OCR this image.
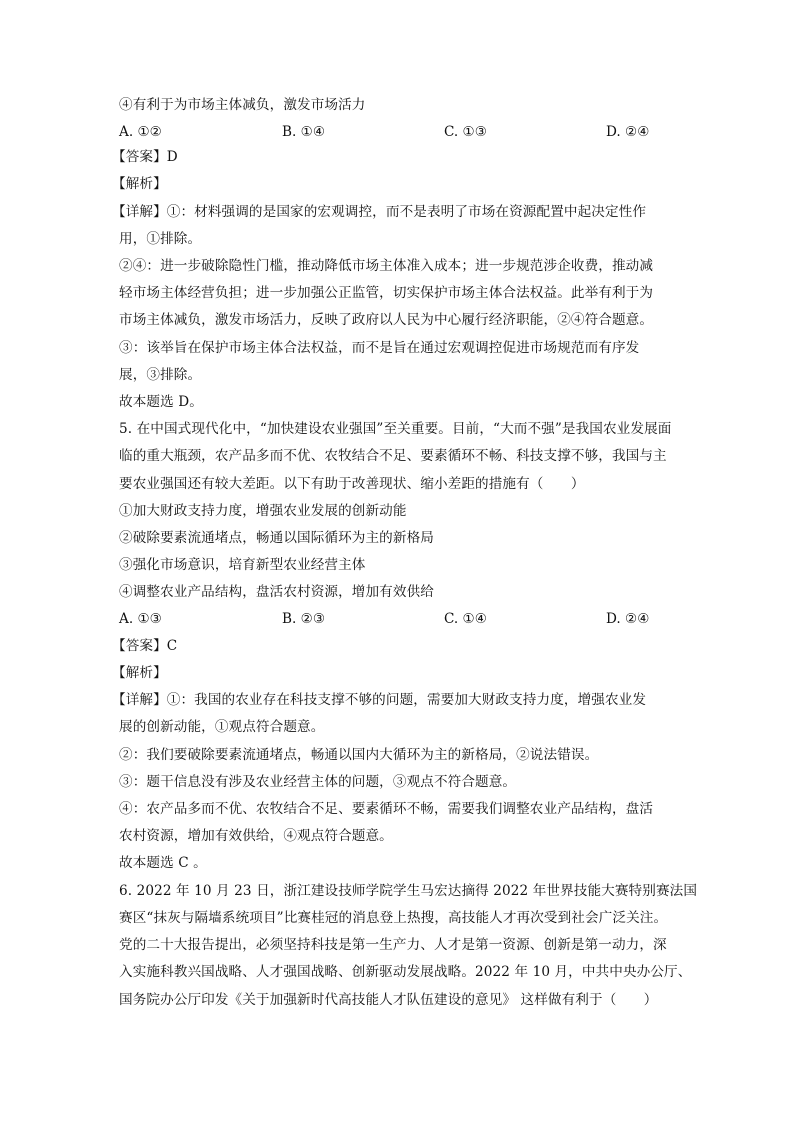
④有利于为市场主体减负，激发市场活力
A. ①②	B. ①④	C. ①③	D. ②④
【答案】D
【解析】
【详解】①：材料强调的是国家的宏观调控，而不是表明了市场在资源配置中起决定性作
用，①排除。
②④：进一步破除隐性门槛，推动降低市场主体准入成本；进一步规范涉企收费，推动减
轻市场主体经营负担；进一步加强公正监管，切实保护市场主体合法权益。此举有利于为
市场主体减负，激发市场活力，反映了政府以人民为中心履行经济职能，②④符合题意。
③：该举旨在保护市场主体合法权益，而不是旨在通过宏观调控促进市场规范而有序发
展，③排除。
故本题选 D。
5. 在中国式现代化中，“加快建设农业强国”至关重要。目前，“大而不强”是我国农业发展面
临的重大瓶颈，农产品多而不优、农牧结合不足、要素循环不畅、科技支撑不够，我国与主
要农业强国还有较大差距。以下有助于改善现状、缩小差距的措施有（　　）
①加大财政支持力度，增强农业发展的创新动能
②破除要素流通堵点，畅通以国际循环为主的新格局
③强化市场意识，培育新型农业经营主体
④调整农业产品结构，盘活农村资源，增加有效供给
A. ①③	B. ②③	C. ①④	D. ②④
【答案】C
【解析】
【详解】①：我国的农业存在科技支撑不够的问题，需要加大财政支持力度，增强农业发
展的创新动能，①观点符合题意。
②：我们要破除要素流通堵点，畅通以国内大循环为主的新格局，②说法错误。
③：题干信息没有涉及农业经营主体的问题，③观点不符合题意。
④：农产品多而不优、农牧结合不足、要素循环不畅，需要我们调整农业产品结构，盘活
农村资源，增加有效供给，④观点符合题意。
故本题选 C 。
6. 2022 年 10 月 23 日，浙江建设技师学院学生马宏达摘得 2022 年世界技能大赛特别赛法国
赛区“抹灰与隔墙系统项目”比赛桂冠的消息登上热搜，高技能人才再次受到社会广泛关注。
党的二十大报告提出，必须坚持科技是第一生产力、人才是第一资源、创新是第一动力，深
入实施科教兴国战略、人才强国战略、创新驱动发展战略。2022 年 10 月，中共中央办公厅、
国务院办公厅印发《关于加强新时代高技能人才队伍建设的意见》 这样做有利于（　　）
